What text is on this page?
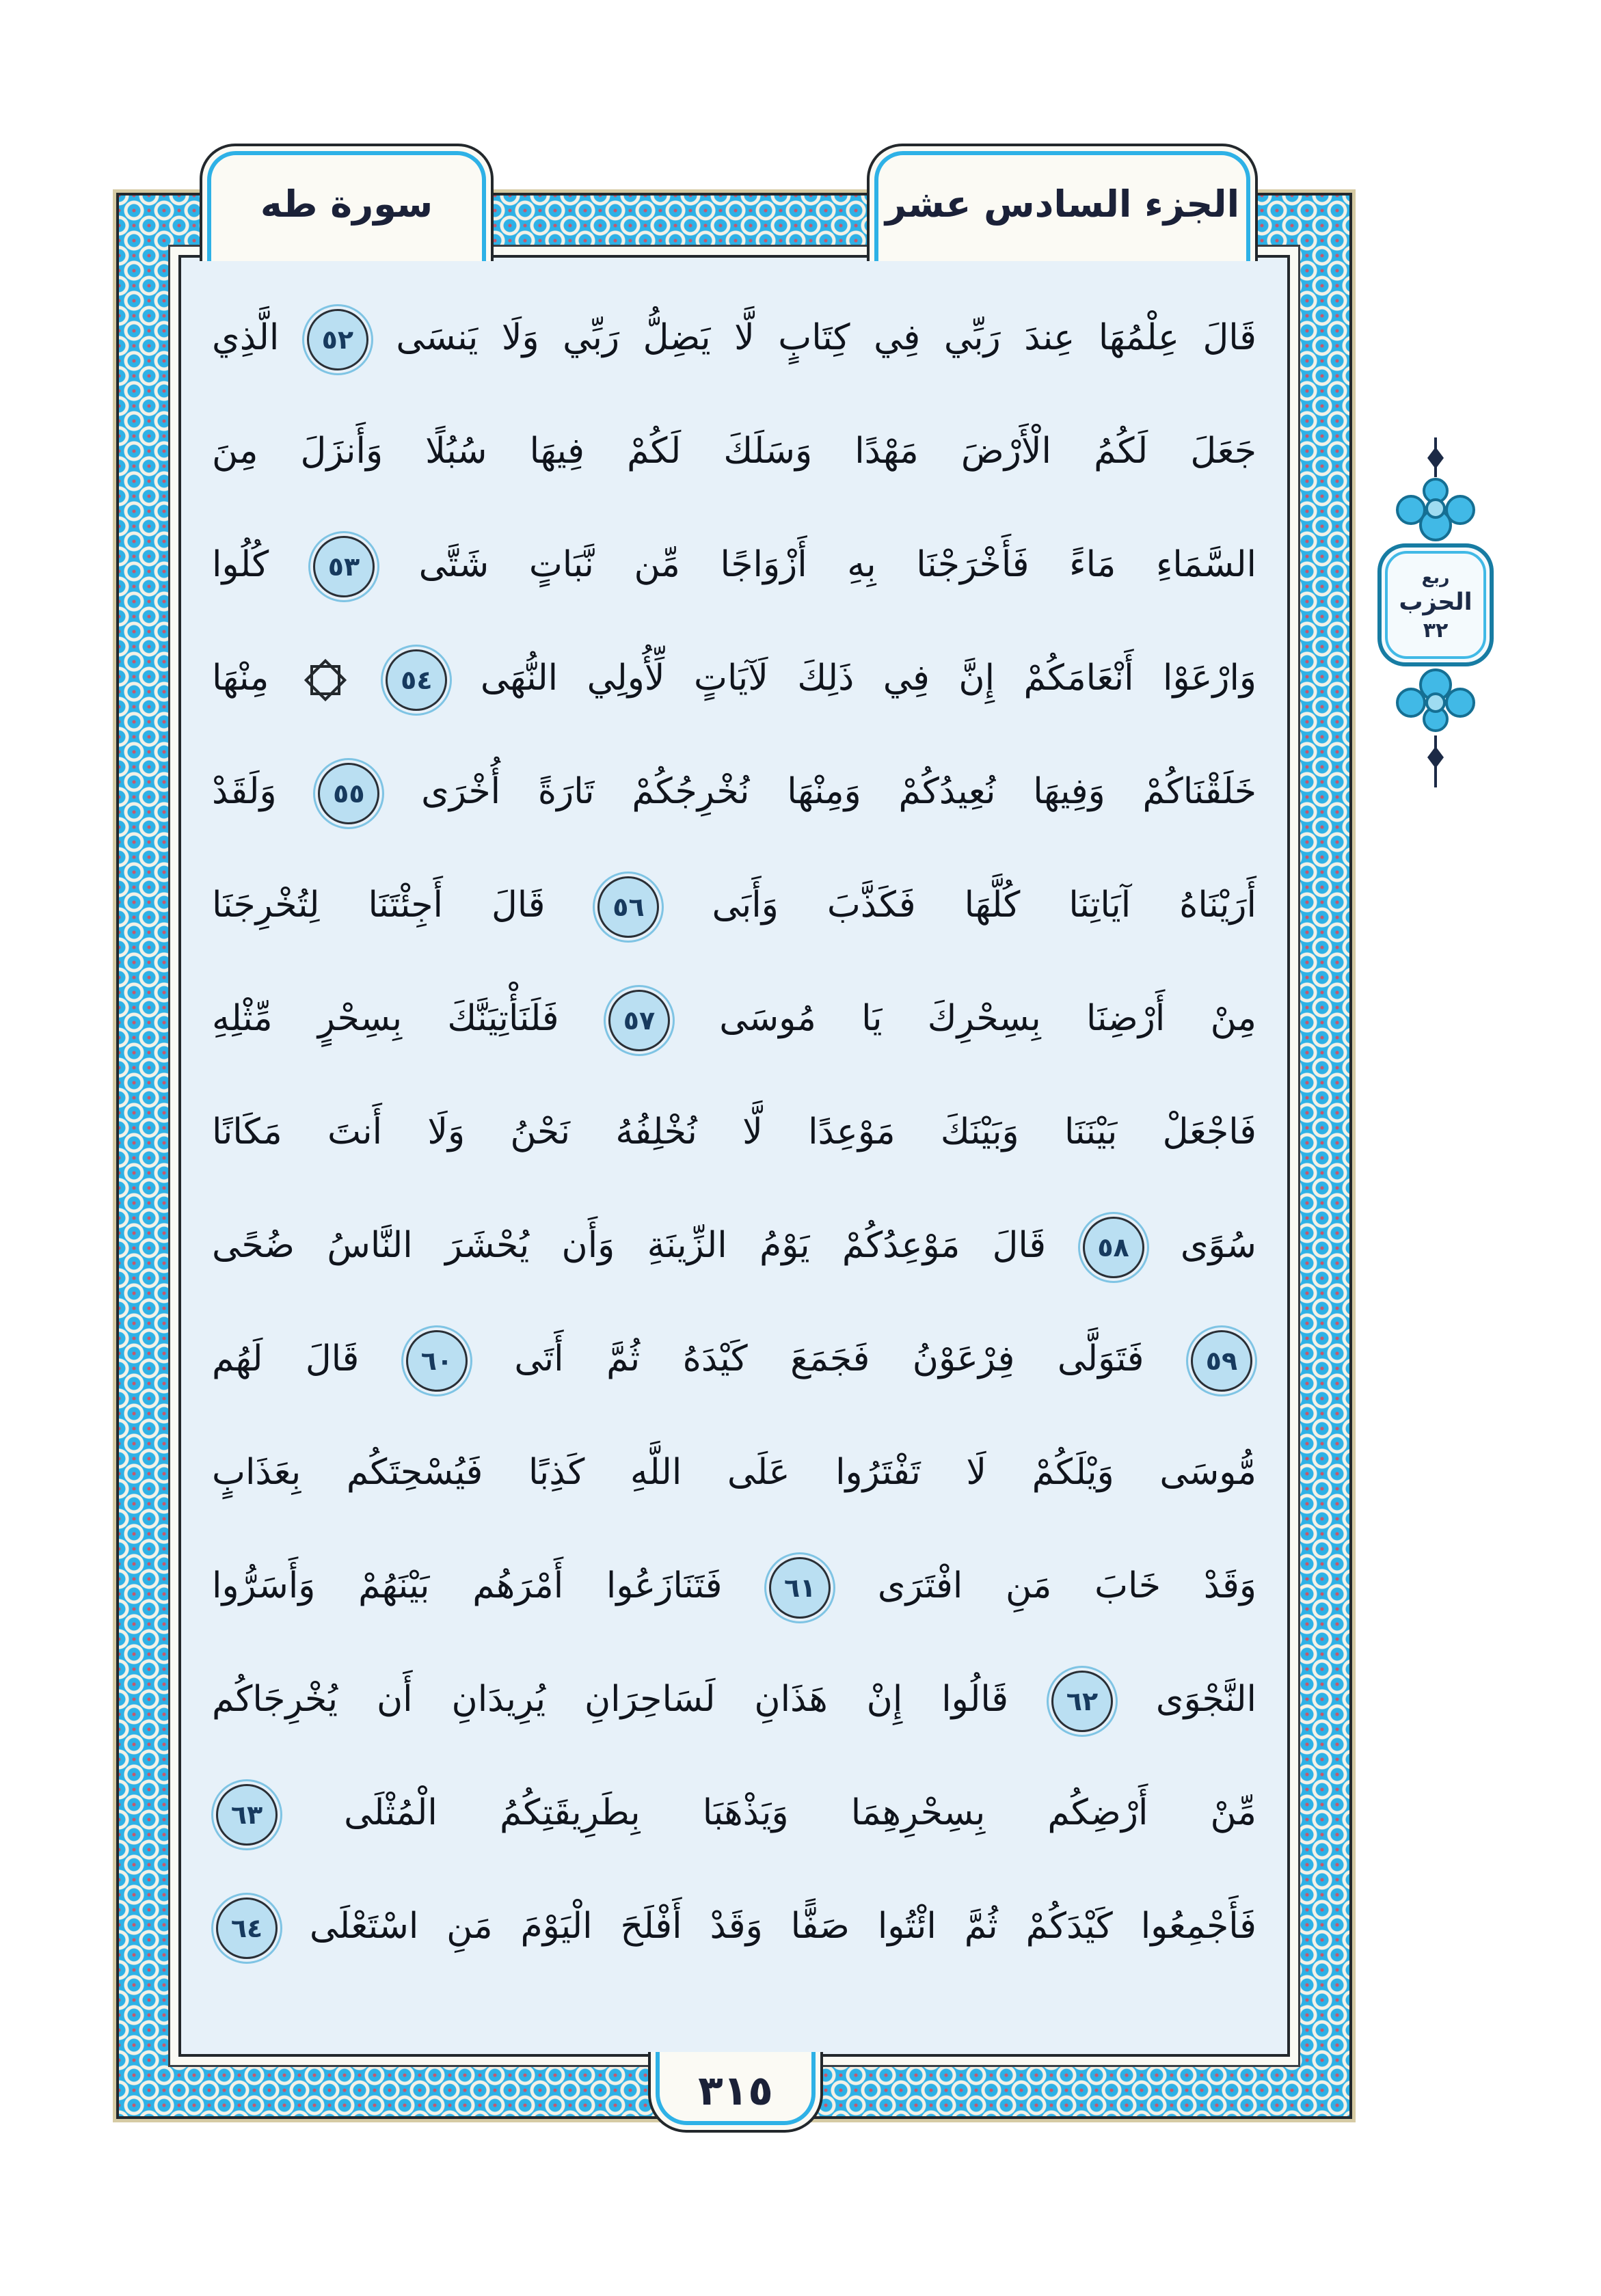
قَالَ عِلْمُهَا عِندَ رَبِّي فِي كِتَابٍ لَّا يَضِلُّ رَبِّي وَلَا يَنسَى ٥٢ الَّذِي
جَعَلَ لَكُمُ الْأَرْضَ مَهْدًا وَسَلَكَ لَكُمْ فِيهَا سُبُلًا وَأَنزَلَ مِنَ
السَّمَاءِ مَاءً فَأَخْرَجْنَا بِهِ أَزْوَاجًا مِّن نَّبَاتٍ شَتَّى ٥٣ كُلُوا
وَارْعَوْا أَنْعَامَكُمْ إِنَّ فِي ذَلِكَ لَآيَاتٍ لِّأُولِي النُّهَى ٥٤  مِنْهَا
خَلَقْنَاكُمْ وَفِيهَا نُعِيدُكُمْ وَمِنْهَا نُخْرِجُكُمْ تَارَةً أُخْرَى ٥٥ وَلَقَدْ
أَرَيْنَاهُ آيَاتِنَا كُلَّهَا فَكَذَّبَ وَأَبَى ٥٦ قَالَ أَجِئْتَنَا لِتُخْرِجَنَا
مِنْ أَرْضِنَا بِسِحْرِكَ يَا مُوسَى ٥٧ فَلَنَأْتِيَنَّكَ بِسِحْرٍ مِّثْلِهِ
فَاجْعَلْ بَيْنَنَا وَبَيْنَكَ مَوْعِدًا لَّا نُخْلِفُهُ نَحْنُ وَلَا أَنتَ مَكَانًا
سُوًى ٥٨ قَالَ مَوْعِدُكُمْ يَوْمُ الزِّينَةِ وَأَن يُحْشَرَ النَّاسُ ضُحًى
٥٩ فَتَوَلَّى فِرْعَوْنُ فَجَمَعَ كَيْدَهُ ثُمَّ أَتَى ٦٠ قَالَ لَهُم
مُّوسَى وَيْلَكُمْ لَا تَفْتَرُوا عَلَى اللَّهِ كَذِبًا فَيُسْحِتَكُم بِعَذَابٍ
وَقَدْ خَابَ مَنِ افْتَرَى ٦١ فَتَنَازَعُوا أَمْرَهُم بَيْنَهُمْ وَأَسَرُّوا
النَّجْوَى ٦٢ قَالُوا إِنْ هَذَانِ لَسَاحِرَانِ يُرِيدَانِ أَن يُخْرِجَاكُم
مِّنْ أَرْضِكُم بِسِحْرِهِمَا وَيَذْهَبَا بِطَرِيقَتِكُمُ الْمُثْلَى ٦٣
فَأَجْمِعُوا كَيْدَكُمْ ثُمَّ ائْتُوا صَفًّا وَقَدْ أَفْلَحَ الْيَوْمَ مَنِ اسْتَعْلَى ٦٤
سورة طه	الجزء السادس عشر
٣١٥
ربع
الحزب
٣٢
